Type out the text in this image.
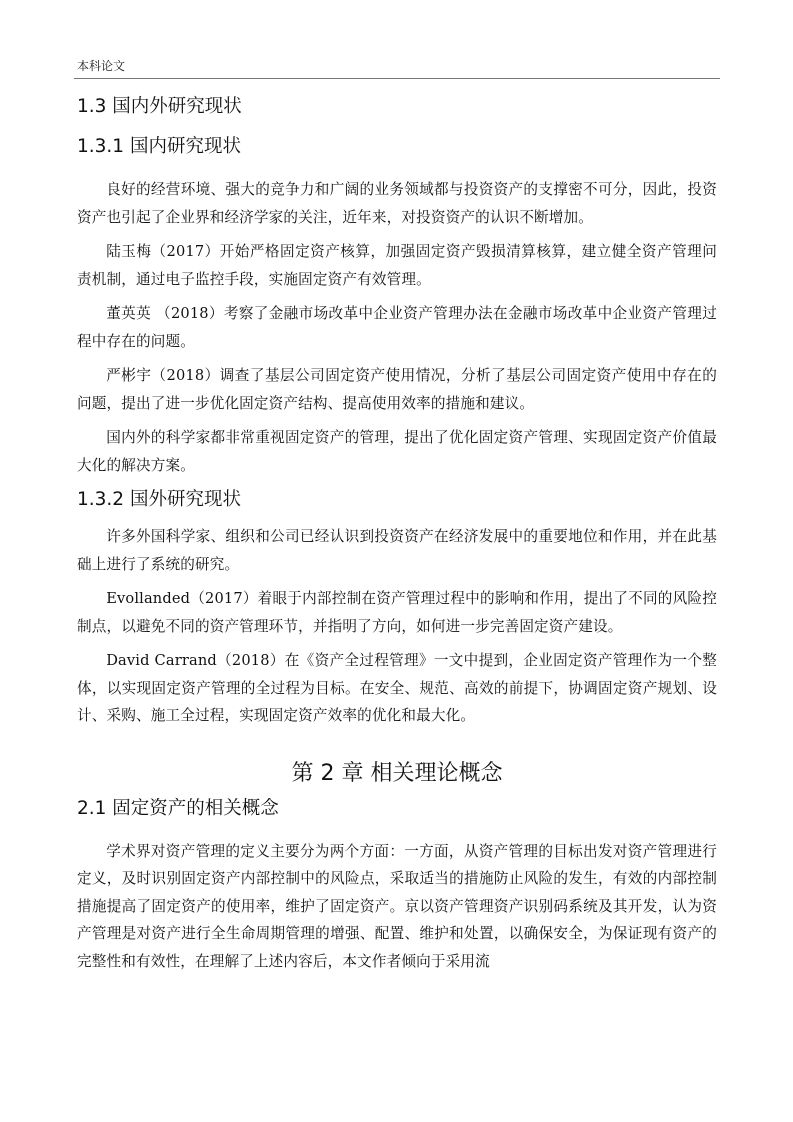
本科论文
1.3 国内外研究现状
1.3.1 国内研究现状

良好的经营环境、强大的竞争力和广阔的业务领域都与投资资产的支撑密不可分，因此，投资资产也引起了企业界和经济学家的关注，近年来，对投资资产的认识不断增加。

陆玉梅（2017）开始严格固定资产核算，加强固定资产毁损清算核算，建立健全资产管理问责机制，通过电子监控手段，实施固定资产有效管理。

董英英 （2018）考察了金融市场改革中企业资产管理办法在金融市场改革中企业资产管理过程中存在的问题。

严彬宇（2018）调查了基层公司固定资产使用情况，分析了基层公司固定资产使用中存在的问题，提出了进一步优化固定资产结构、提高使用效率的措施和建议。

国内外的科学家都非常重视固定资产的管理，提出了优化固定资产管理、实现固定资产价值最大化的解决方案。

1.3.2 国外研究现状

许多外国科学家、组织和公司已经认识到投资资产在经济发展中的重要地位和作用，并在此基础上进行了系统的研究。

Evollanded（2017）着眼于内部控制在资产管理过程中的影响和作用，提出了不同的风险控制点，以避免不同的资产管理环节，并指明了方向，如何进一步完善固定资产建设。

David Carrand（2018）在《资产全过程管理》一文中提到，企业固定资产管理作为一个整体，以实现固定资产管理的全过程为目标。在安全、规范、高效的前提下，协调固定资产规划、设计、采购、施工全过程，实现固定资产效率的优化和最大化。

第 2 章 相关理论概念
2.1 固定资产的相关概念

学术界对资产管理的定义主要分为两个方面：一方面，从资产管理的目标出发对资产管理进行定义，及时识别固定资产内部控制中的风险点，采取适当的措施防止风险的发生，有效的内部控制措施提高了固定资产的使用率，维护了固定资产。京以资产管理资产识别码系统及其开发，认为资产管理是对资产进行全生命周期管理的增强、配置、维护和处置，以确保安全，为保证现有资产的完整性和有效性，在理解了上述内容后，本文作者倾向于采用流
